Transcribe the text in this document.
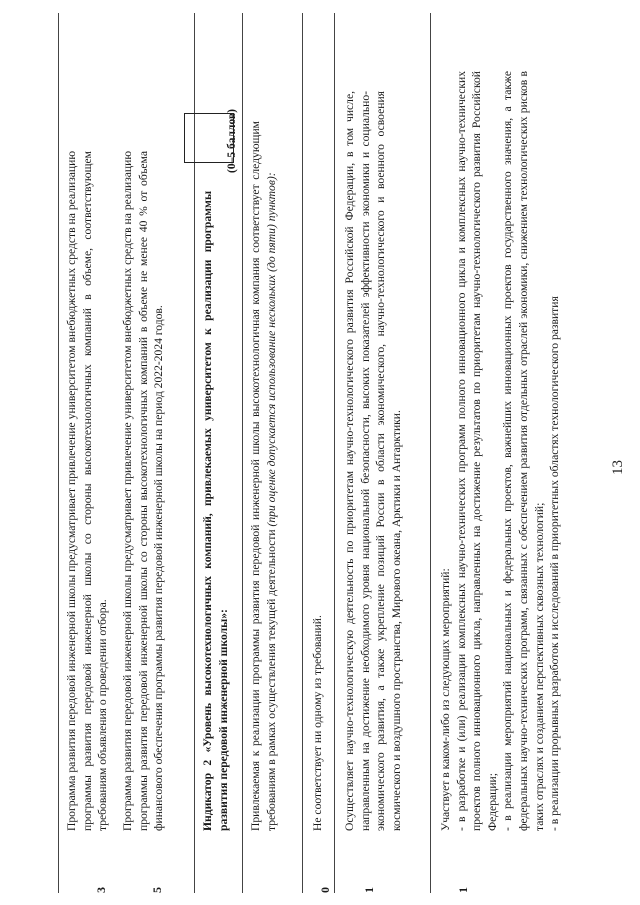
13
3
Программа развития передовой инженерной школы предусматривает привлечение университетом внебюджетных средств на реализацию программы развития передовой инженерной школы со стороны высокотехнологичных компаний в объеме, соответствующем требованиям объявления о проведении отбора.
5
Программа развития передовой инженерной школы предусматривает привлечение университетом внебюджетных средств на реализацию программы развития передовой инженерной школы со стороны высокотехнологичных компаний в объеме не менее 40 % от объема финансового обеспечения программы развития передовой инженерной школы на период 2022-2024 годов.	Индикатор 2 «Уровень высокотехнологичных компаний, привлекаемых университетом к реализации программы развития передовой инженерной школы»:
(0–5 баллов) Привлекаемая к реализации программы развития передовой инженерной школы высокотехнологичная компания соответствует следующим требованиям в рамках осуществления текущей деятельности (при оценке допускается использование нескольких (до пяти) пунктов):
0
Не соответствует ни одному из требований.
1
Осуществляет научно-технологическую деятельность по приоритетам научно-технологического развития Российской Федерации, в том числе, направленным на достижение необходимого уровня национальной безопасности, высоких показателей эффективности экономики и социально-экономического развития, а также укрепление позиций России в области экономического, научно-технологического и военного освоения космического и воздушного пространства, Мирового океана, Арктики и Антарктики.
1
Участвует в каком-либо из следующих мероприятий: - в разработке и (или) реализации комплексных научно-технических программ полного инновационного цикла и комплексных научно-технических проектов полного инновационного цикла, направленных на достижение результатов по приоритетам научно-технологического развития Российской Федерации; - в реализации мероприятий национальных и федеральных проектов, важнейших инновационных проектов государственного значения, а также федеральных научно-технических программ, связанных с обеспечением развития отдельных отраслей экономики, снижением технологических рисков в таких отраслях и созданием перспективных сквозных технологий; - в реализации прорывных разработок и исследований в приоритетных областях технологического развития
